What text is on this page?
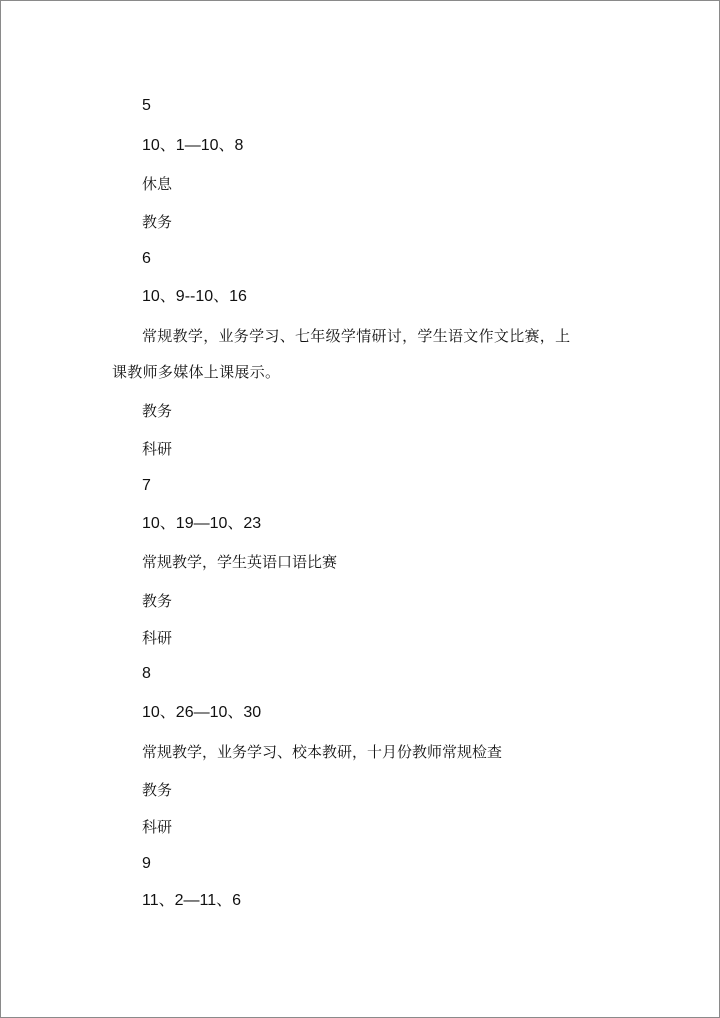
5
10、1—10、8
休息
教务
6
10、9--10、16
常规教学，业务学习、七年级学情研讨，学生语文作文比赛，上课教师多媒体上课展示。
教务
科研
7
10、19—10、23
常规教学，学生英语口语比赛
教务
科研
8
10、26—10、30
常规教学，业务学习、校本教研，十月份教师常规检查
教务
科研
9
11、2—11、6
